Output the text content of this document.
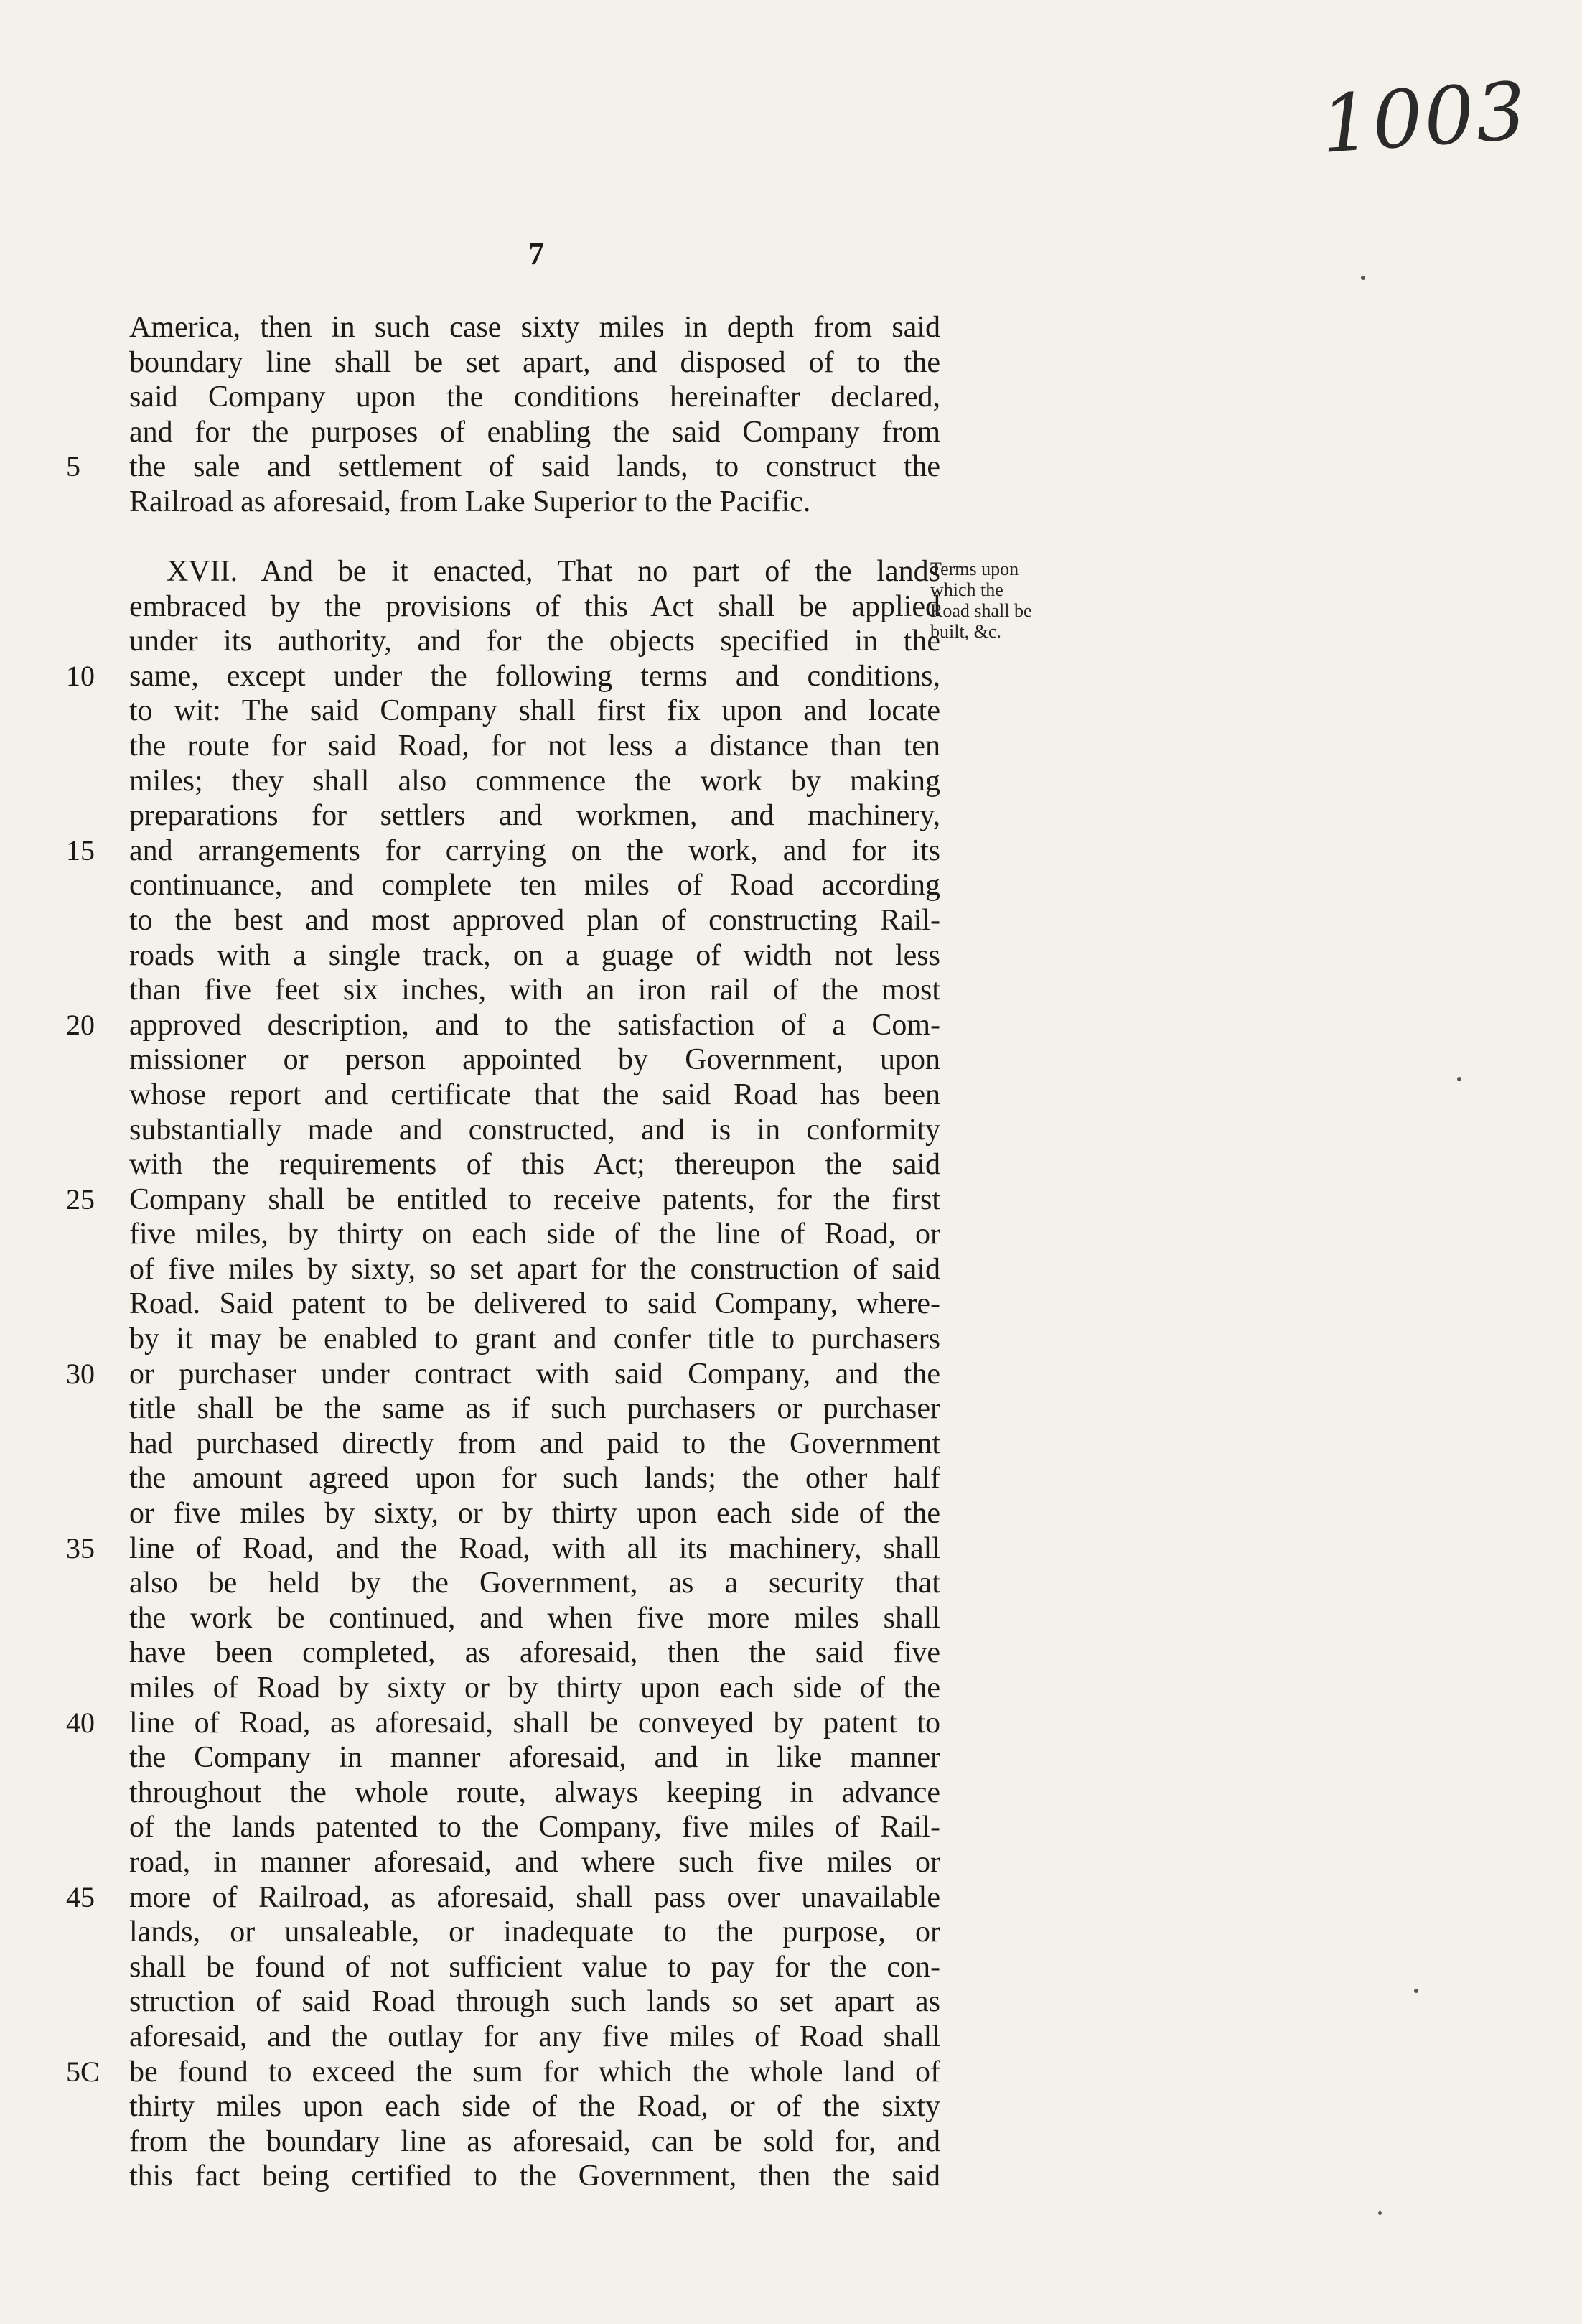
1003
7
America, then in such case sixty miles in depth from said
boundary line shall be set apart, and disposed of to the
said Company upon the conditions hereinafter declared,
and for the purposes of enabling the said Company from
5	the sale and settlement of said lands, to construct the
Railroad as aforesaid, from Lake Superior to the Pacific.
XVII. And be it enacted, That no part of the lands
embraced by the provisions of this Act shall be applied
under its authority, and for the objects specified in the
10	same, except under the following terms and conditions,
to wit: The said Company shall first fix upon and locate
the route for said Road, for not less a distance than ten
miles; they shall also commence the work by making
preparations for settlers and workmen, and machinery,
15	and arrangements for carrying on the work, and for its
continuance, and complete ten miles of Road according
to the best and most approved plan of constructing Rail-
roads with a single track, on a guage of width not less
than five feet six inches, with an iron rail of the most
20	approved description, and to the satisfaction of a Com-
missioner or person appointed by Government, upon
whose report and certificate that the said Road has been
substantially made and constructed, and is in conformity
with the requirements of this Act; thereupon the said
25	Company shall be entitled to receive patents, for the first
five miles, by thirty on each side of the line of Road, or
of five miles by sixty, so set apart for the construction of said
Road. Said patent to be delivered to said Company, where-
by it may be enabled to grant and confer title to purchasers
30	or purchaser under contract with said Company, and the
title shall be the same as if such purchasers or purchaser
had purchased directly from and paid to the Government
the amount agreed upon for such lands; the other half
or five miles by sixty, or by thirty upon each side of the
35	line of Road, and the Road, with all its machinery, shall
also be held by the Government, as a security that
the work be continued, and when five more miles shall
have been completed, as aforesaid, then the said five
miles of Road by sixty or by thirty upon each side of the
40	line of Road, as aforesaid, shall be conveyed by patent to
the Company in manner aforesaid, and in like manner
throughout the whole route, always keeping in advance
of the lands patented to the Company, five miles of Rail-
road, in manner aforesaid, and where such five miles or
45	more of Railroad, as aforesaid, shall pass over unavailable
lands, or unsaleable, or inadequate to the purpose, or
shall be found of not sufficient value to pay for the con-
struction of said Road through such lands so set apart as
aforesaid, and the outlay for any five miles of Road shall
5C be found to exceed the sum for which the whole land of
thirty miles upon each side of the Road, or of the sixty
from the boundary line as aforesaid, can be sold for, and
this fact being certified to the Government, then the said
Terms upon
which the
Road shall be
built, &c.
